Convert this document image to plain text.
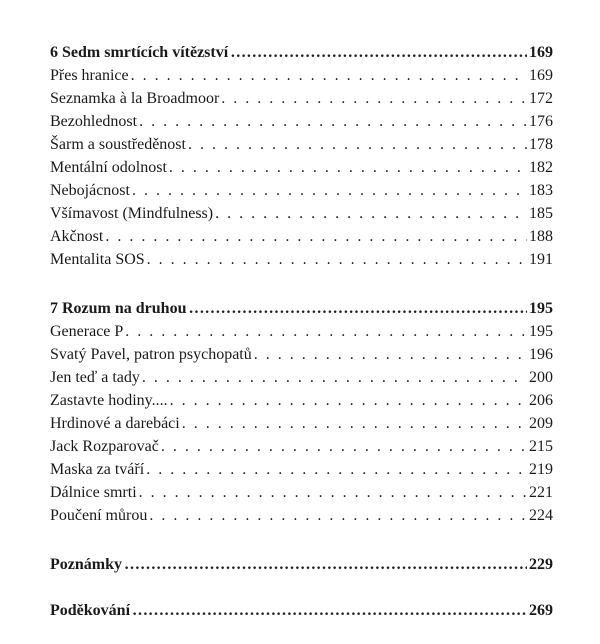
6 Sedm smrtících vítězství …………………………………………………………………………………………………………………………………………	169
Přes hranice . . .	169
Seznamka à la Broadmoor . . .	172
Bezohlednost . . .	176
Šarm a soustředěnost . . .	178
Mentální odolnost . . .	182
Nebojácnost . . .	183
Všímavost (Mindfulness) . . .	185
Akčnost . . .	188
Mentalita SOS . . .	191
7 Rozum na druhou …………………………………………………………………………………………………………………………………………	195
Generace P . . .	195
Svatý Pavel, patron psychopatů . . .	196
Jen teď a tady . . .	200
Zastavte hodiny.... . . .	206
Hrdinové a darebáci . . .	209
Jack Rozparovač . . .	215
Maska za tváří . . .	219
Dálnice smrti . . .	221
Poučení můrou . . .	224
Poznámky …………………………………………………………………………………………………………………………………………	229
Poděkování …………………………………………………………………………………………………………………………………………	269
